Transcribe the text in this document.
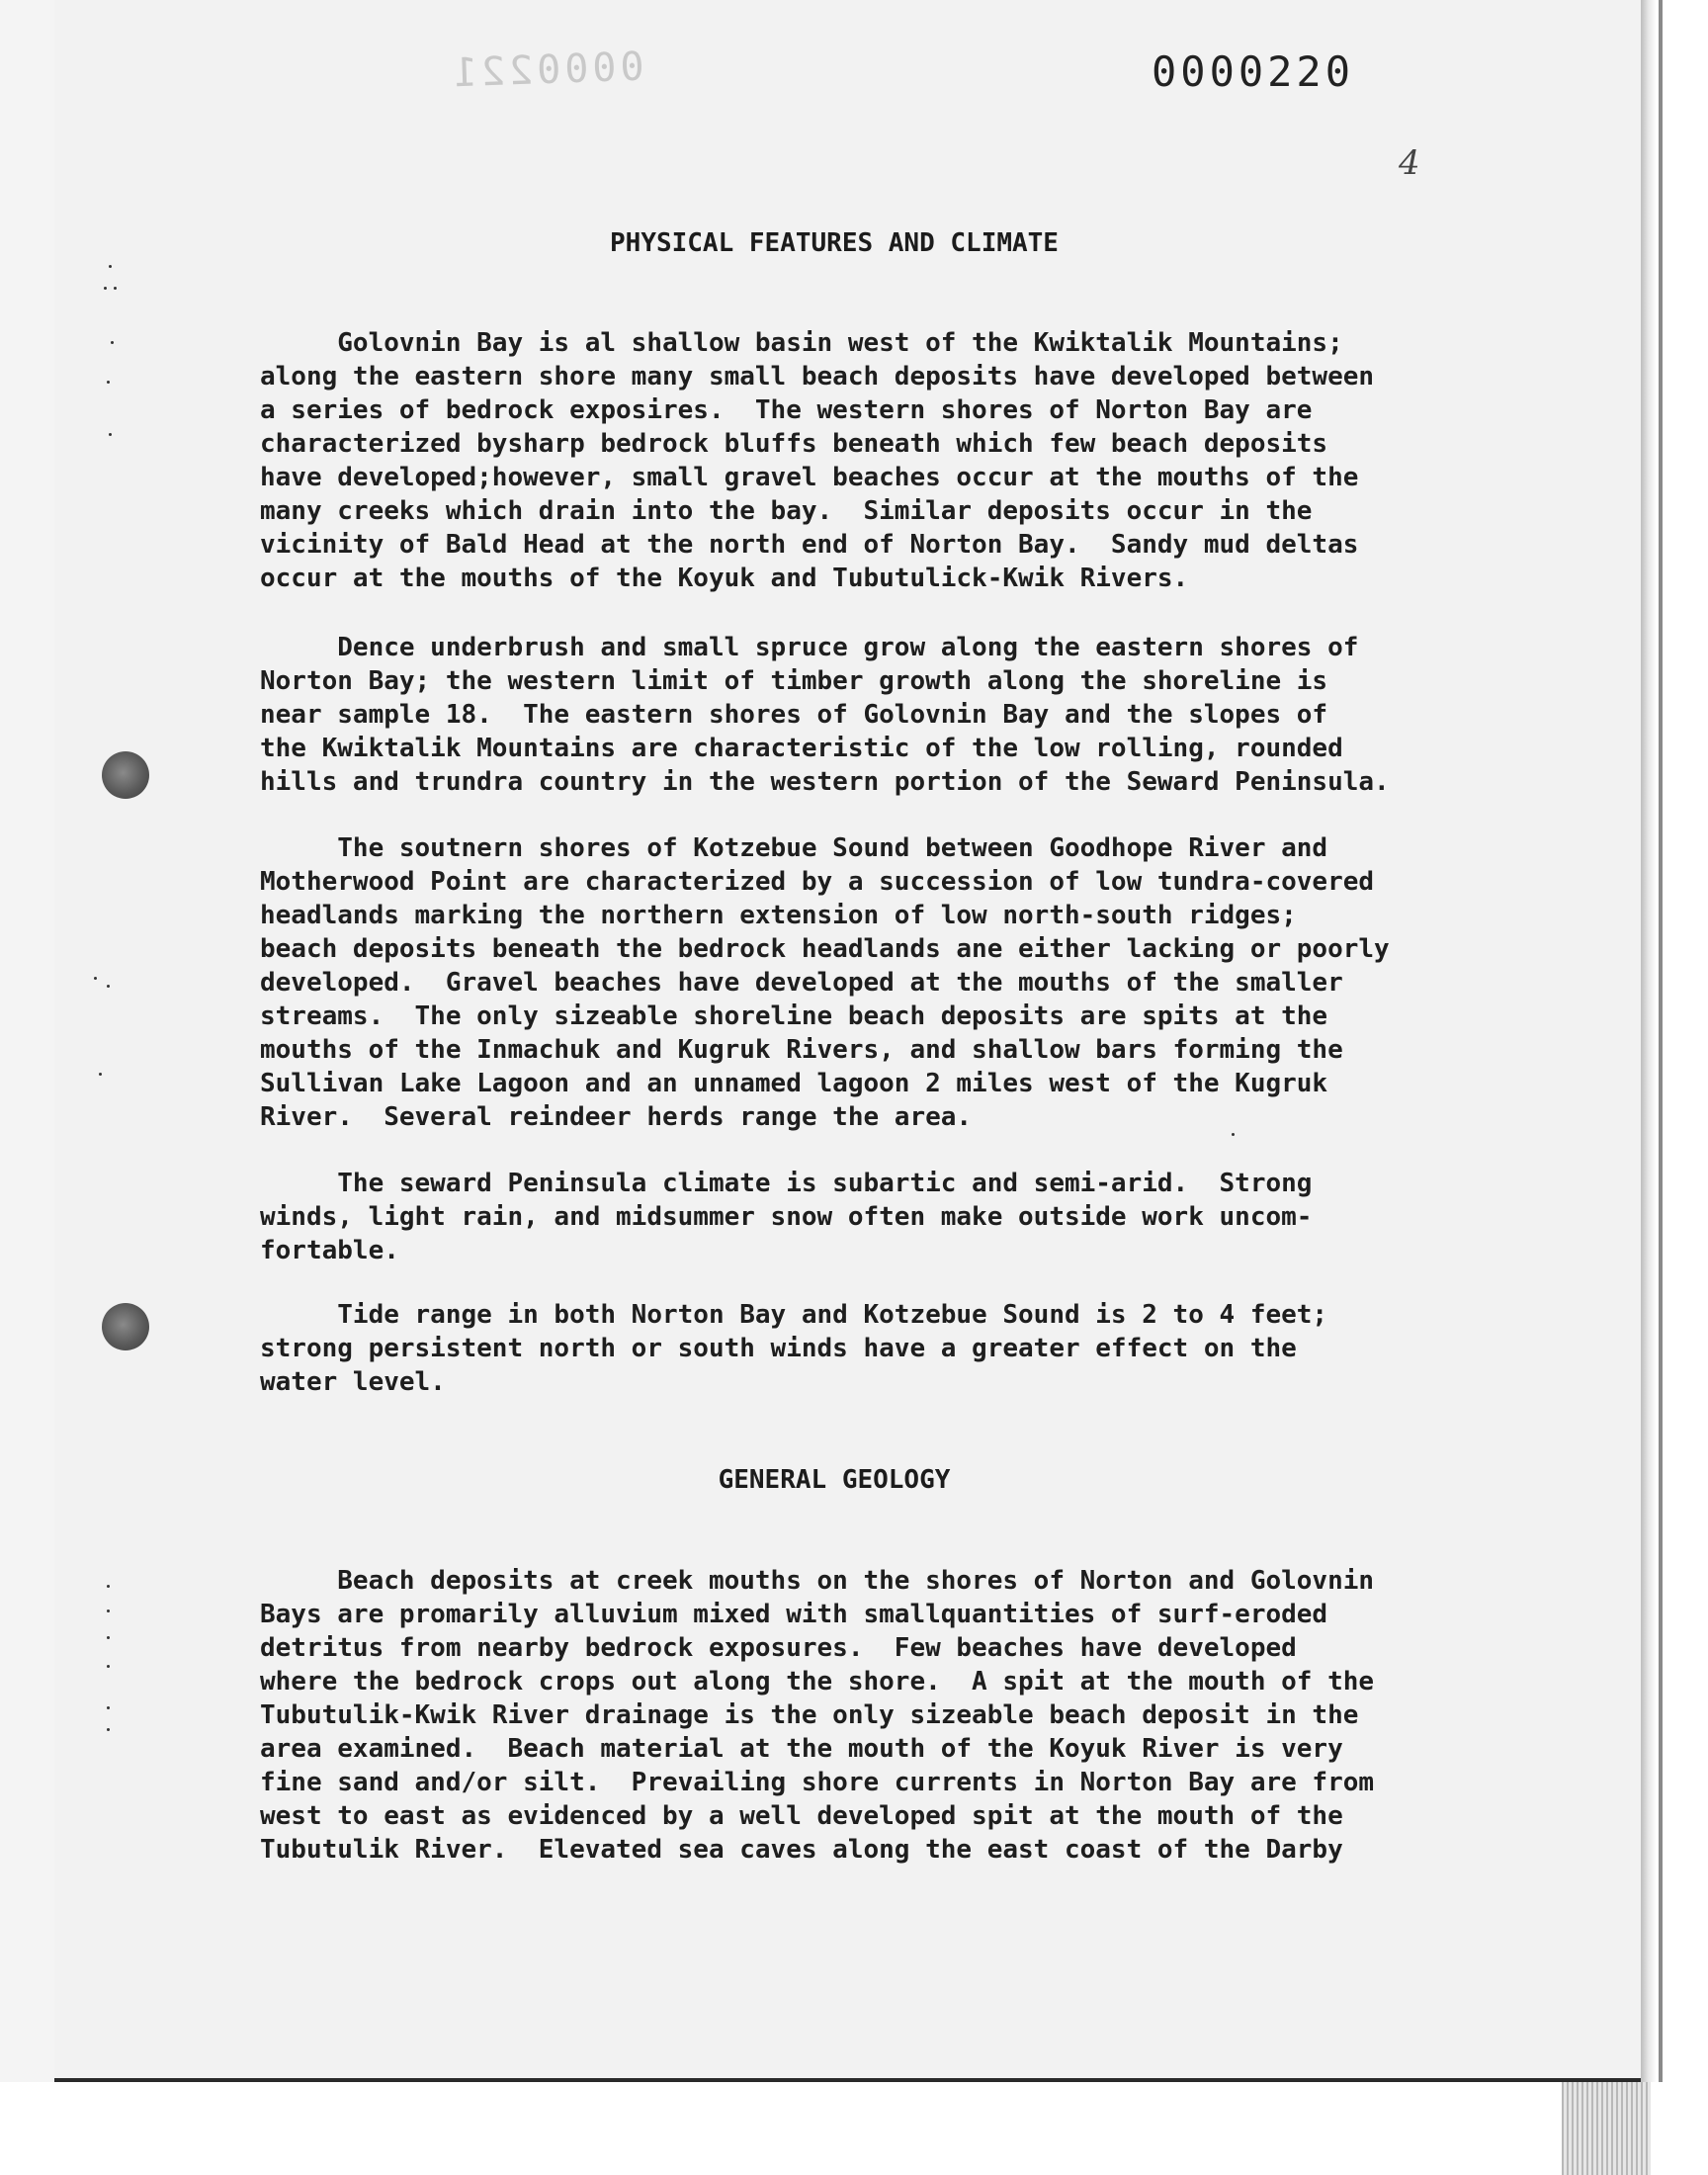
0000221	0000220
4
PHYSICAL FEATURES AND CLIMATE
Golovnin Bay is al shallow basin west of the Kwiktalik Mountains;
along the eastern shore many small beach deposits have developed between
a series of bedrock exposires.  The western shores of Norton Bay are
characterized bysharp bedrock bluffs beneath which few beach deposits
have developed;however, small gravel beaches occur at the mouths of the
many creeks which drain into the bay.  Similar deposits occur in the
vicinity of Bald Head at the north end of Norton Bay.  Sandy mud deltas
occur at the mouths of the Koyuk and Tubutulick-Kwik Rivers.
Dence underbrush and small spruce grow along the eastern shores of
Norton Bay; the western limit of timber growth along the shoreline is
near sample 18.  The eastern shores of Golovnin Bay and the slopes of
the Kwiktalik Mountains are characteristic of the low rolling, rounded
hills and trundra country in the western portion of the Seward Peninsula.
The soutnern shores of Kotzebue Sound between Goodhope River and
Motherwood Point are characterized by a succession of low tundra-covered
headlands marking the northern extension of low north-south ridges;
beach deposits beneath the bedrock headlands ane either lacking or poorly
developed.  Gravel beaches have developed at the mouths of the smaller
streams.  The only sizeable shoreline beach deposits are spits at the
mouths of the Inmachuk and Kugruk Rivers, and shallow bars forming the
Sullivan Lake Lagoon and an unnamed lagoon 2 miles west of the Kugruk
River.  Several reindeer herds range the area.
The seward Peninsula climate is subartic and semi-arid.  Strong
winds, light rain, and midsummer snow often make outside work uncom-
fortable.
Tide range in both Norton Bay and Kotzebue Sound is 2 to 4 feet;
strong persistent north or south winds have a greater effect on the
water level.
GENERAL GEOLOGY
Beach deposits at creek mouths on the shores of Norton and Golovnin
Bays are promarily alluvium mixed with smallquantities of surf-eroded
detritus from nearby bedrock exposures.  Few beaches have developed
where the bedrock crops out along the shore.  A spit at the mouth of the
Tubutulik-Kwik River drainage is the only sizeable beach deposit in the
area examined.  Beach material at the mouth of the Koyuk River is very
fine sand and/or silt.  Prevailing shore currents in Norton Bay are from
west to east as evidenced by a well developed spit at the mouth of the
Tubutulik River.  Elevated sea caves along the east coast of the Darby
